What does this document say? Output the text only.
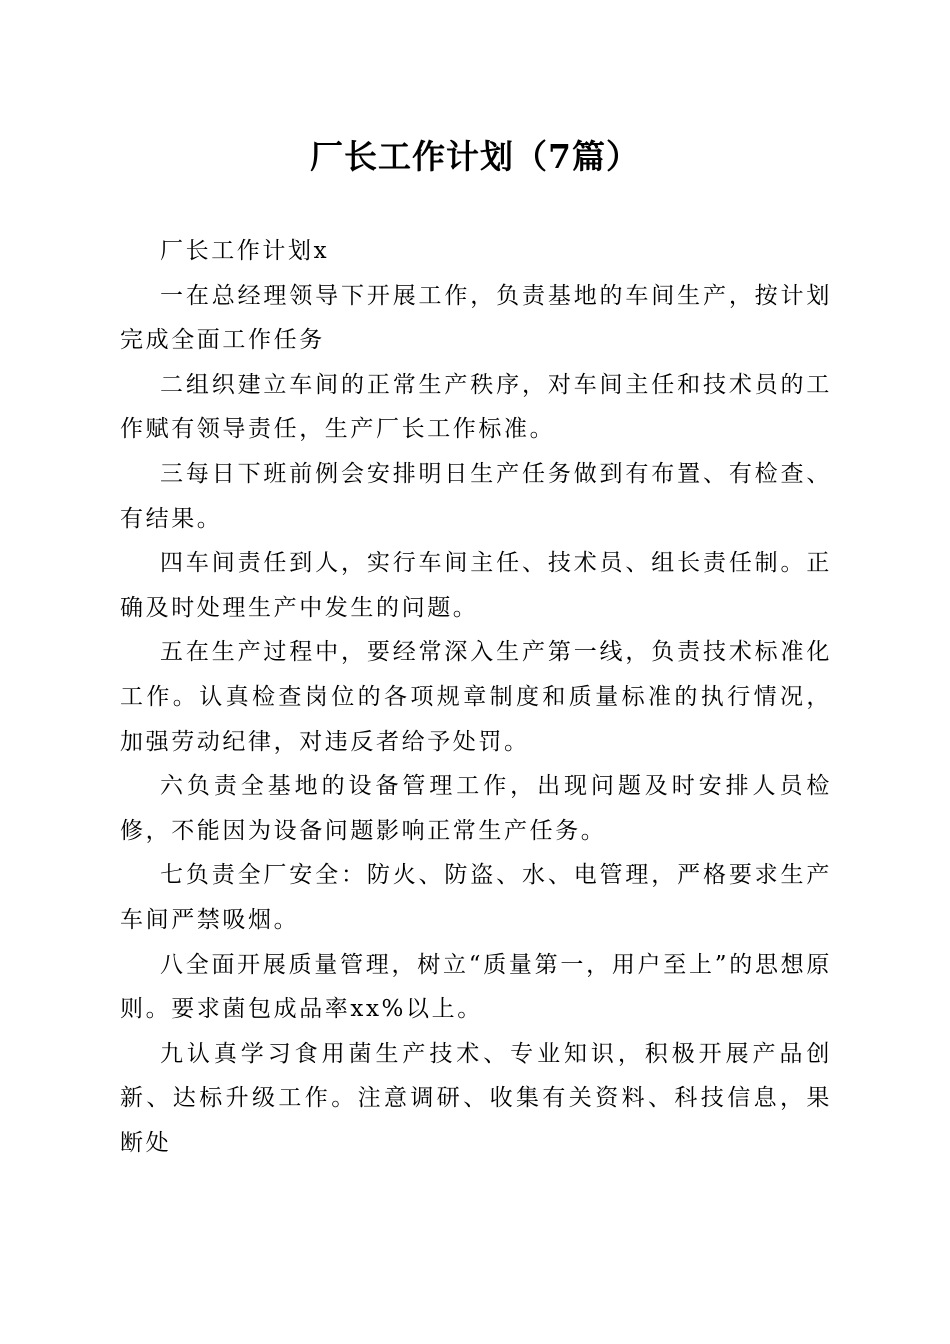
厂长工作计划（7篇）

厂长工作计划x

一在总经理领导下开展工作，负责基地的车间生产，按计划完成全面工作任务

二组织建立车间的正常生产秩序，对车间主任和技术员的工作赋有领导责任，生产厂长工作标准。

三每日下班前例会安排明日生产任务做到有布置、有检查、有结果。

四车间责任到人，实行车间主任、技术员、组长责任制。正确及时处理生产中发生的问题。

五在生产过程中，要经常深入生产第一线，负责技术标准化工作。认真检查岗位的各项规章制度和质量标准的执行情况，加强劳动纪律，对违反者给予处罚。

六负责全基地的设备管理工作，出现问题及时安排人员检修，不能因为设备问题影响正常生产任务。

七负责全厂安全：防火、防盗、水、电管理，严格要求生产车间严禁吸烟。

八全面开展质量管理，树立“质量第一，用户至上”的思想原则。要求菌包成品率xx%以上。

九认真学习食用菌生产技术、专业知识，积极开展产品创新、达标升级工作。注意调研、收集有关资料、科技信息，果断处
